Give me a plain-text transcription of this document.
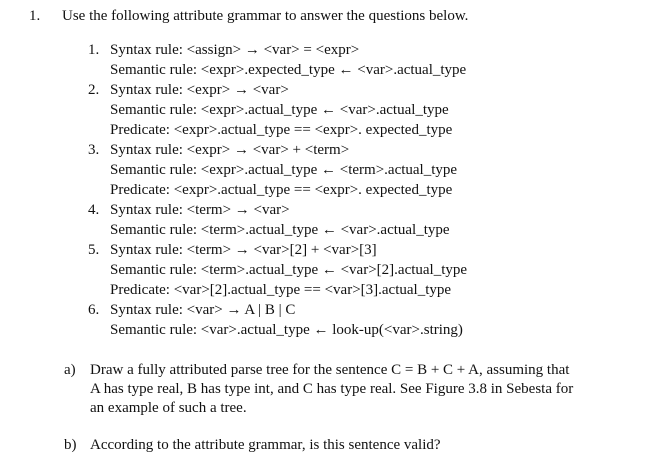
1. Use the following attribute grammar to answer the questions below.
1. Syntax rule: <assign> → <var> = <expr>
Semantic rule: <expr>.expected_type ← <var>.actual_type
2. Syntax rule: <expr> → <var>
Semantic rule: <expr>.actual_type ← <var>.actual_type
Predicate: <expr>.actual_type == <expr>. expected_type
3. Syntax rule: <expr> → <var> + <term>
Semantic rule: <expr>.actual_type ← <term>.actual_type
Predicate: <expr>.actual_type == <expr>. expected_type
4. Syntax rule: <term> → <var>
Semantic rule: <term>.actual_type ← <var>.actual_type
5. Syntax rule: <term> → <var>[2] + <var>[3]
Semantic rule: <term>.actual_type ← <var>[2].actual_type
Predicate: <var>[2].actual_type == <var>[3].actual_type
6. Syntax rule: <var> → A | B | C
Semantic rule: <var>.actual_type ← look-up(<var>.string)
a) Draw a fully attributed parse tree for the sentence C = B + C + A, assuming that
A has type real, B has type int, and C has type real. See Figure 3.8 in Sebesta for
an example of such a tree.
b) According to the attribute grammar, is this sentence valid?
